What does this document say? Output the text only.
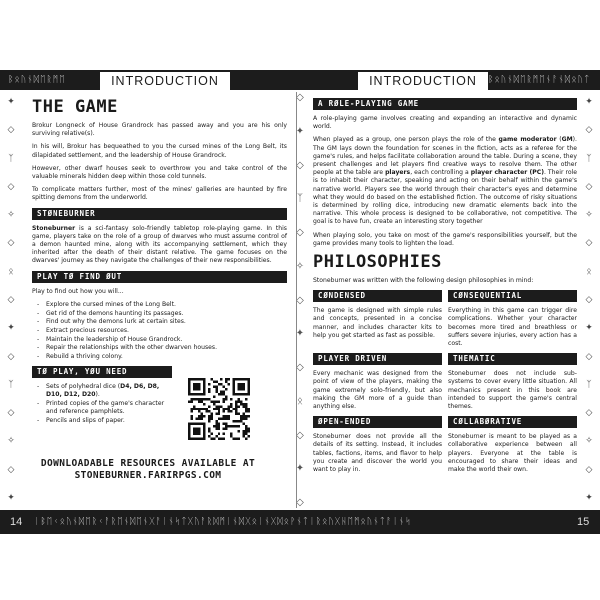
ᛒᛟᚢᚾᛞᛖᚱᛗᛖ	ᛒᛟᚢᚾᛞᛖᚱᛗᛖᚾᚨᚾᛞᛟᚢᛏ
INTRODUCTION	INTRODUCTION
✦
◇
ᛉ
◇
✧
◇
ᛟ
◇
✦
◇
ᛉ
◇
✧
◇
✦
✦
◇
ᛉ
◇
✧
◇
ᛟ
◇
✦
◇
ᛉ
◇
✧
◇
✦
◇
✦
◇
ᛉ
◇
✧
◇
✦
◇
ᛟ
◇
✦
◇
THE GAME

Brokur Longneck of House Grandrock has passed away and you are his only surviving relative(s).

In his will, Brokur has bequeathed to you the cursed mines of the Long Belt, its dilapidated settlement, and the leadership of House Grandrock.

However, other dwarf houses seek to overthrow you and take control of the valuable minerals hidden deep within those cold tunnels.

To complicate matters further, most of the mines' galleries are haunted by fire spitting demons from the underworld.

STØNEBURNER

Stoneburner is a sci-fantasy solo-friendly tabletop role-playing game. In this game, players take on the role of a group of dwarves who must assume control of a demon haunted mine, along with its accompanying settlement, which they inherited after the death of their distant relative. The game focuses on the dwarves' journey as they navigate the challenges of their new responsibilities.

PLAY TØ FIND ØUT

Play to find out how you will...

- Explore the cursed mines of the Long Belt.
- Get rid of the demons haunting its passages.
- Find out why the demons lurk at certain sites.
- Extract precious resources.
- Maintain the leadership of House Grandrock.
- Repair the relationships with the other dwarven houses.
- Rebuild a thriving colony.
TØ PLAY, YØU NEED
- Sets of polyhedral dice (D4, D6, D8, D10, D12, D20).
- Printed copies of the game's character and reference pamphlets.
- Pencils and slips of paper.
DOWNLOADABLE RESOURCES AVAILABLE AT
STONEBURNER.FARIRPGS.COM
A RØLE-PLAYING GAME

A role-playing game involves creating and expanding an interactive and dynamic world.

When played as a group, one person plays the role of the game moderator (GM). The GM lays down the foundation for scenes in the fiction, acts as a referee for the game's rules, and helps facilitate collaboration around the table. During a scene, they present challenges and let players find creative ways to resolve them. The other people at the table are players, each controlling a player character (PC). Their role is to inhabit their character, speaking and acting on their behalf within the game's narrative world. Players see the world through their character's eyes and determine what they would do based on the established fiction. The outcome of risky situations is determined by rolling dice, introducing new dramatic elements back into the narrative. This whole process is designed to be collaborative, not competitive. The goal is to have fun, create an interesting story together

When playing solo, you take on most of the game's responsibilities yourself, but the game provides many tools to lighten the load.

PHILOSOPHIES

Stoneburner was written with the following design philosophies in mind:

CØNDENSED

The game is designed with simple rules and concepts, presented in a concise manner, and includes character kits to help you get started as fast as possible.

CØNSEQUENTIAL

Everything in this game can trigger dire complications. Whether your character becomes more tired and breathless or suffers severe injuries, every action has a cost.

PLAYER DRIVEN

Every mechanic was designed from the point of view of the players, making the game extremely solo-friendly, but also making the GM more of a guide than anything else.

THEMATIC

Stoneburner does not include sub-systems to cover every little situation. All mechanics present in this book are intended to support the game's central themes.

ØPEN-ENDED

Stoneburner does not provide all the details of its setting. Instead, it includes tables, factions, items, and flavor to help you create and discover the world you want to play in.

CØLLABØRATIVE

Stoneburner is meant to be played as a collaborative experience between all players. Everyone at the table is encouraged to share their ideas and make the world their own.

ᛁᛒᛖᚲᛟᚢᚾᛞᛖᚱᚲᚨᚱᛖᚾᛞᛖᚾᚷᚨᛁᚾᛋᛏᚷᚢᚨᚱᛞᛗᛁᚾᛞᚷᛟᛁᚾᚷᛞᛟᚹᚾᛏᛁᚱᛟᚢᚷᚺᛖᛗᛟᚢᚾᛏᚨᛁᚾᛋ
14	15
